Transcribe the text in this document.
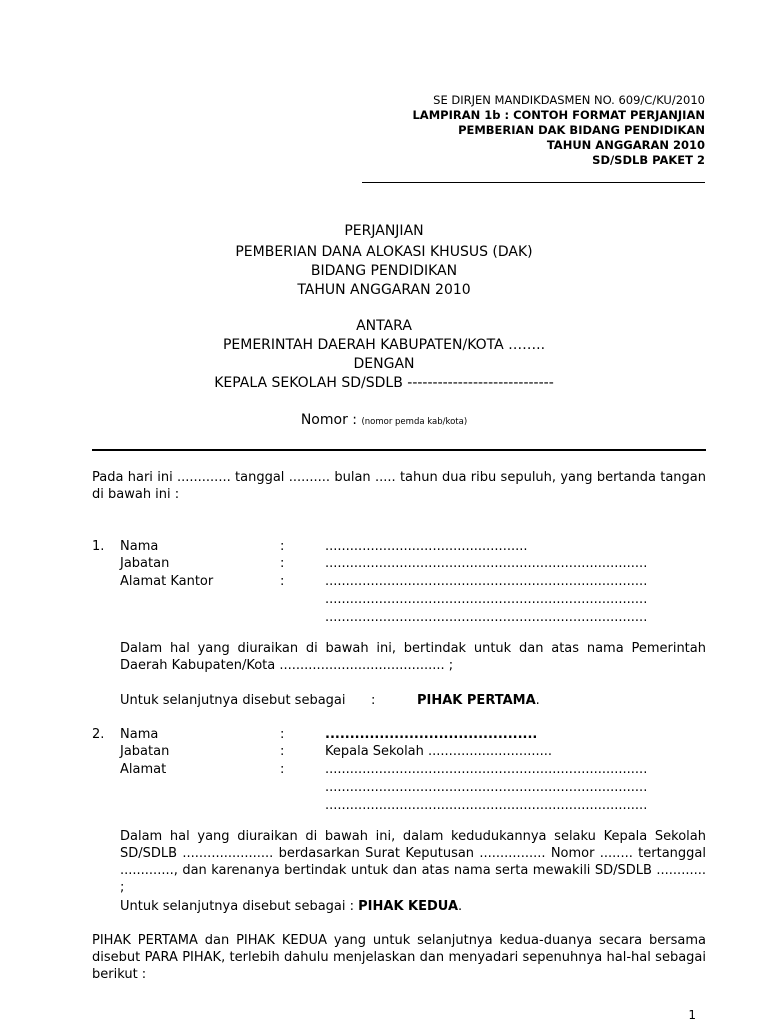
SE DIRJEN MANDIKDASMEN NO. 609/C/KU/2010
LAMPIRAN 1b : CONTOH FORMAT PERJANJIAN
PEMBERIAN DAK BIDANG PENDIDIKAN
TAHUN ANGGARAN 2010
SD/SDLB PAKET 2
PERJANJIAN
PEMBERIAN DANA ALOKASI KHUSUS (DAK)
BIDANG PENDIDIKAN
TAHUN ANGGARAN 2010
ANTARA
PEMERINTAH DAERAH KABUPATEN/KOTA ……..
DENGAN
KEPALA SEKOLAH SD/SDLB -----------------------------
Nomor : (nomor pemda kab/kota)
Pada hari ini ............. tanggal .......... bulan ..... tahun dua ribu sepuluh, yang bertanda tangan di bawah ini :
1. Nama	:	.................................................
Jabatan	:	..............................................................................
Alamat Kantor	:	..............................................................................
..............................................................................
..............................................................................
Dalam hal yang diuraikan di bawah ini, bertindak untuk dan atas nama Pemerintah Daerah Kabupaten/Kota ........................................ ;
Untuk selanjutnya disebut sebagai :	PIHAK PERTAMA.
2. Nama	:	...........................................
Jabatan	:	Kepala Sekolah ..............................
Alamat	:	..............................................................................
..............................................................................
..............................................................................
Dalam hal yang diuraikan di bawah ini, dalam kedudukannya selaku Kepala Sekolah SD/SDLB ...................... berdasarkan Surat Keputusan ................ Nomor ........ tertanggal ............., dan karenanya bertindak untuk dan atas nama serta mewakili SD/SDLB ............ ;
Untuk selanjutnya disebut sebagai : PIHAK KEDUA.
PIHAK PERTAMA dan PIHAK KEDUA yang untuk selanjutnya kedua-duanya secara bersama disebut PARA PIHAK, terlebih dahulu menjelaskan dan menyadari sepenuhnya hal-hal sebagai berikut :
1
